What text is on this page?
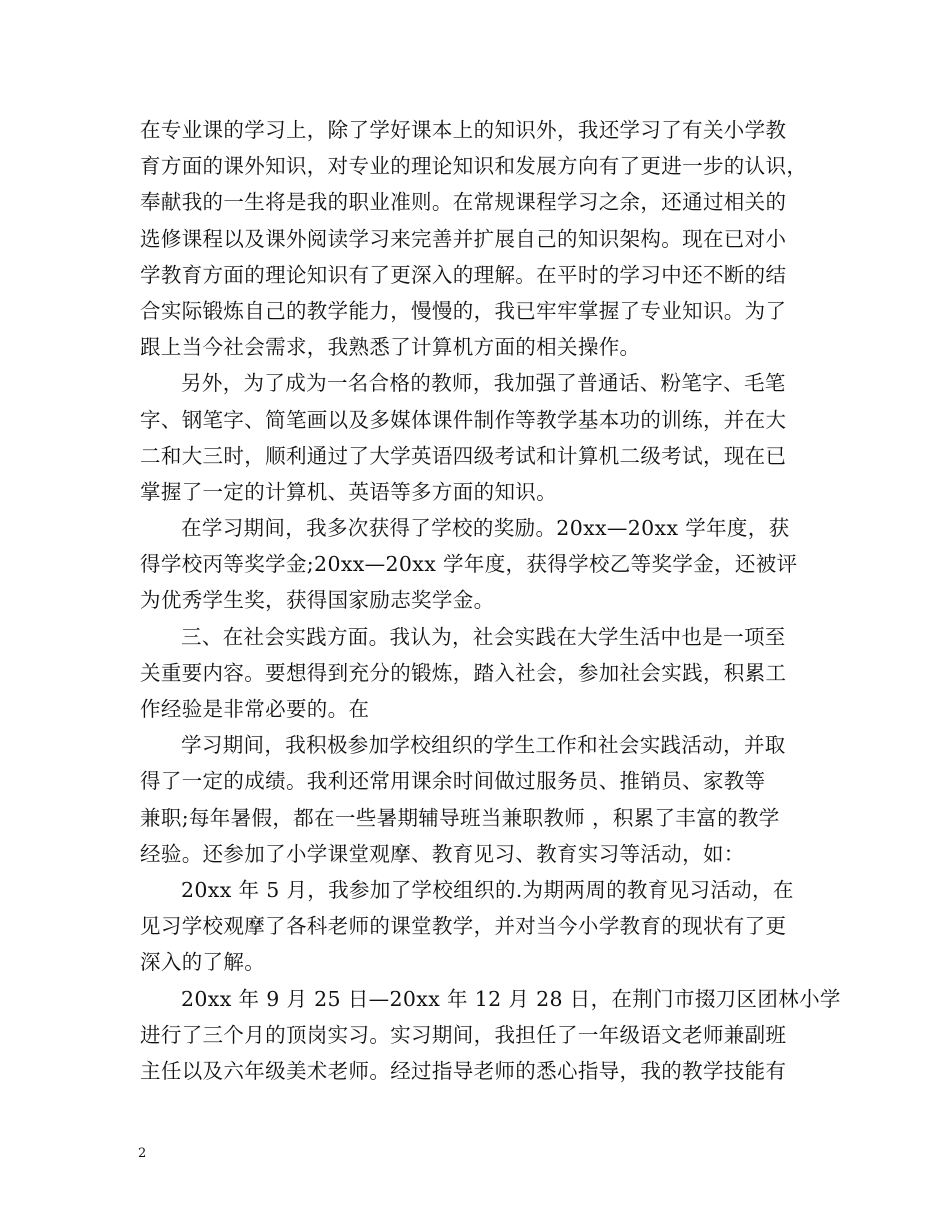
在专业课的学习上，除了学好课本上的知识外，我还学习了有关小学教
育方面的课外知识，对专业的理论知识和发展方向有了更进一步的认识，
奉献我的一生将是我的职业准则。在常规课程学习之余，还通过相关的
选修课程以及课外阅读学习来完善并扩展自己的知识架构。现在已对小
学教育方面的理论知识有了更深入的理解。在平时的学习中还不断的结
合实际锻炼自己的教学能力，慢慢的，我已牢牢掌握了专业知识。为了
跟上当今社会需求，我熟悉了计算机方面的相关操作。
另外，为了成为一名合格的教师，我加强了普通话、粉笔字、毛笔
字、钢笔字、简笔画以及多媒体课件制作等教学基本功的训练，并在大
二和大三时，顺利通过了大学英语四级考试和计算机二级考试，现在已
掌握了一定的计算机、英语等多方面的知识。
在学习期间，我多次获得了学校的奖励。20xx—20xx 学年度，获
得学校丙等奖学金;20xx—20xx 学年度，获得学校乙等奖学金，还被评
为优秀学生奖，获得国家励志奖学金。
三、在社会实践方面。我认为，社会实践在大学生活中也是一项至
关重要内容。要想得到充分的锻炼，踏入社会，参加社会实践，积累工
作经验是非常必要的。在
学习期间，我积极参加学校组织的学生工作和社会实践活动，并取
得了一定的成绩。我利还常用课余时间做过服务员、推销员、家教等
兼职;每年暑假，都在一些暑期辅导班当兼职教师 ，积累了丰富的教学
经验。还参加了小学课堂观摩、教育见习、教育实习等活动，如：
20xx 年 5 月，我参加了学校组织的.为期两周的教育见习活动，在
见习学校观摩了各科老师的课堂教学，并对当今小学教育的现状有了更
深入的了解。
20xx 年 9 月 25 日—20xx 年 12 月 28 日，在荆门市掇刀区团林小学
进行了三个月的顶岗实习。实习期间，我担任了一年级语文老师兼副班
主任以及六年级美术老师。经过指导老师的悉心指导，我的教学技能有
2
